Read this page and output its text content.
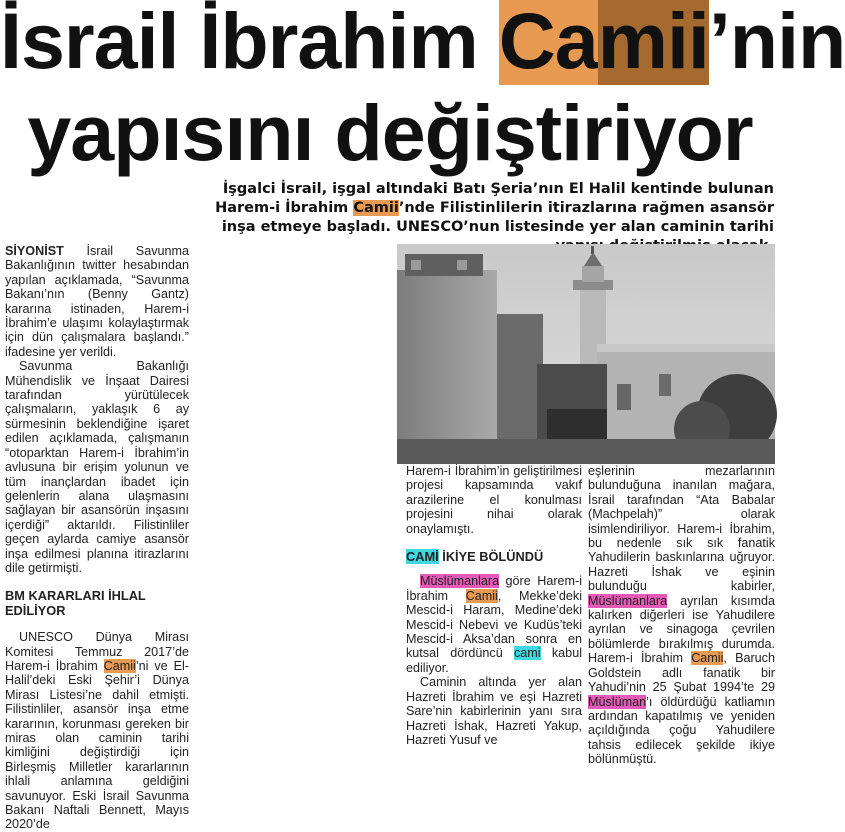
İsrail İbrahim Camii’nin
yapısını değiştiriyor
İşgalci İsrail, işgal altındaki Batı Şeria’nın El Halil kentinde bulunan Harem-i İbrahim Camii’nde Filistinlilerin itirazlarına rağmen asansör inşa etmeye başladı. UNESCO’nun listesinde yer alan caminin tarihi

SİYONİST İsrail Savunma Bakanlığının twitter hesabından yapılan açıklamada, “Savunma Bakanı’nın (Benny Gantz) kararına istinaden, Harem-i İbrahim’e ulaşımı kolaylaştırmak için dün çalışmalara başlandı.” ifadesine yer verildi.

Savunma Bakanlığı Mühendislik ve İnşaat Dairesi tarafından yürütülecek çalışmaların, yaklaşık 6 ay sürmesinin beklendiğine işaret edilen açıklamada, çalışmanın “otoparktan Harem-i İbrahim’in avlusuna bir erişim yolunun ve tüm inançlardan ibadet için gelenlerin alana ulaşmasını sağlayan bir asansörün inşasını içerdiği” aktarıldı. Filistinliler geçen aylarda camiye asansör inşa edilmesi planına itirazlarını dile getirmişti.

BM KARARLARI İHLAL EDİLİYOR

UNESCO Dünya Mirası Komitesi Temmuz 2017’de Harem-i İbrahim Camii’ni ve El-Halil’deki Eski Şehir’i Dünya Mirası Listesi’ne dahil etmişti. Filistinliler, asansör inşa etme kararının, korunması gereken bir miras olan caminin tarihi kimliğini değiştirdiği için Birleşmiş Milletler kararlarının ihlali anlamına geldiğini savunuyor. Eski İsrail Savunma Bakanı Naftali Bennett, Mayıs 2020’de

Harem-i İbrahim’in geliştirilmesi projesi kapsamında vakıf arazilerine el konulması projesini nihai olarak onaylamıştı.

CAMİ İKİYE BÖLÜNDÜ

Müslümanlara göre Harem-i İbrahim Camii, Mekke’deki Mescid-i Haram, Medine’deki Mescid-i Nebevi ve Kudüs’teki Mescid-i Aksa’dan sonra en kutsal dördüncü cami kabul ediliyor.

Caminin altında yer alan Hazreti İbrahim ve eşi Hazreti Sare’nin kabirlerinin yanı sıra Hazreti İshak, Hazreti Yakup, Hazreti Yusuf ve

eşlerinin mezarlarının bulunduğuna inanılan mağara, İsrail tarafından “Ata Babalar (Machpelah)” olarak isimlendiriliyor. Harem-i İbrahim, bu nedenle sık sık fanatik Yahudilerin baskınlarına uğruyor. Hazreti İshak ve eşinin bulunduğu kabirler, Müslümanlara ayrılan kısımda kalırken diğerleri ise Yahudilere ayrılan ve sinagoga çevrilen bölümlerde bırakılmış durumda. Harem-i İbrahim Camii, Baruch Goldstein adlı fanatik bir Yahudi’nin 25 Şubat 1994’te 29 Müslüman’ı öldürdüğü katliamın ardından kapatılmış ve yeniden açıldığında çoğu Yahudilere tahsis edilecek şekilde ikiye bölünmüştü.
